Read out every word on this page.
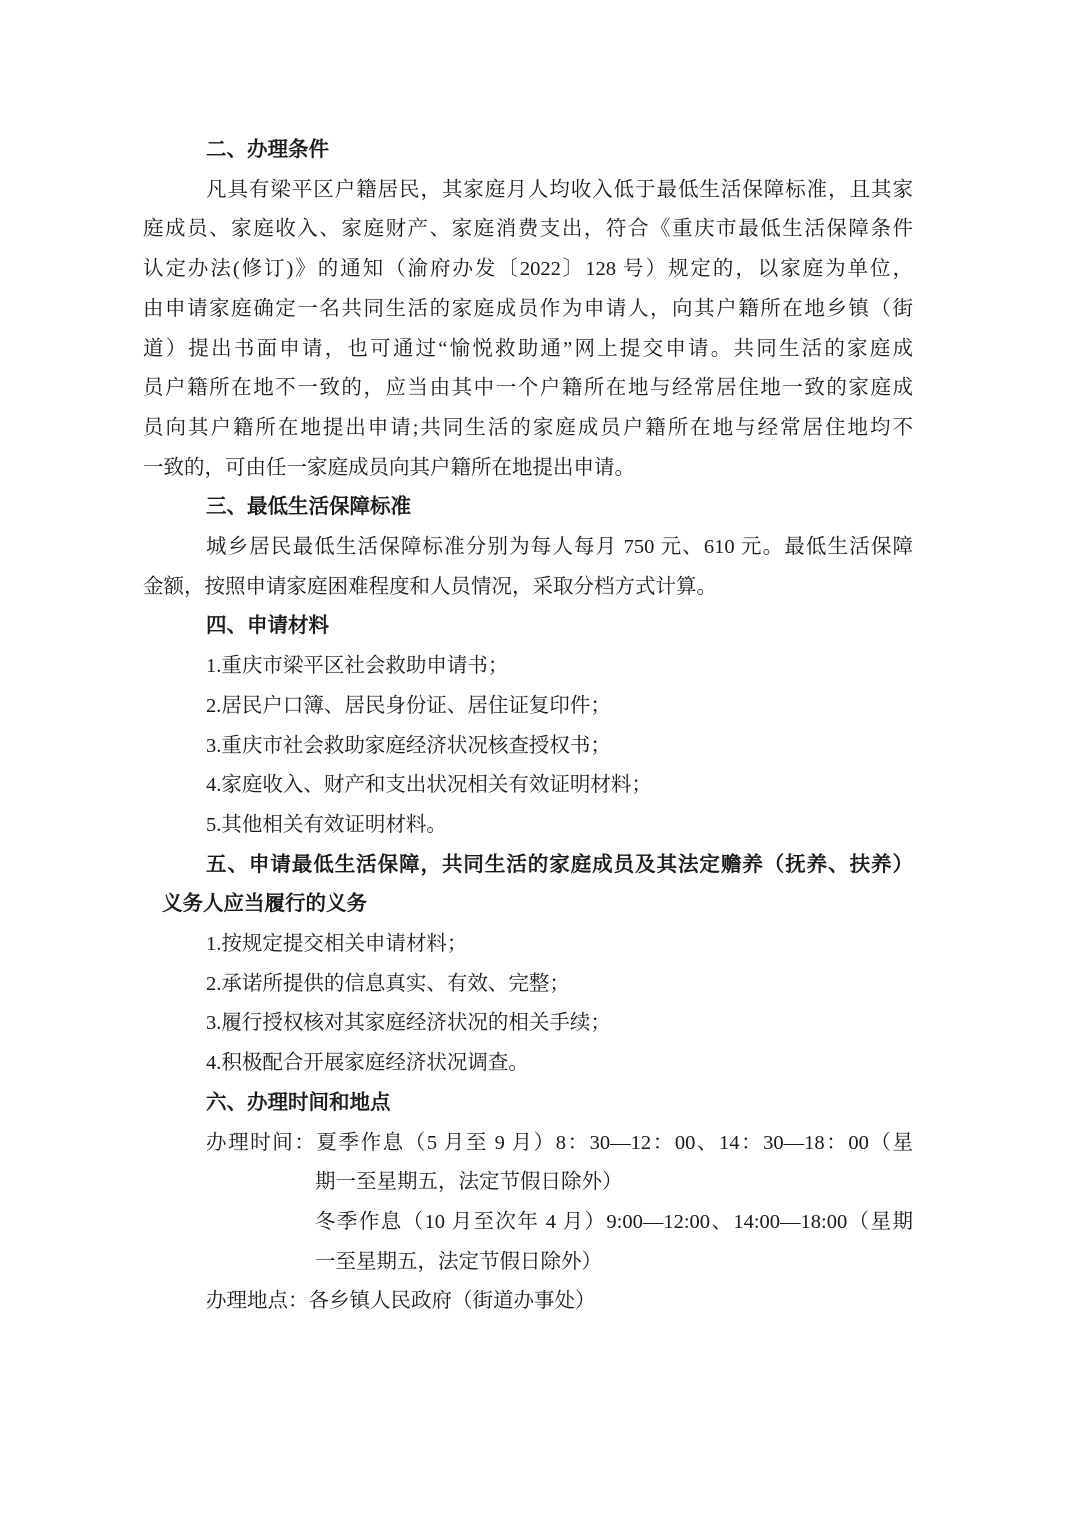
二、办理条件
凡具有梁平区户籍居民，其家庭月人均收入低于最低生活保障标准，且其家
庭成员、家庭收入、家庭财产、家庭消费支出，符合《重庆市最低生活保障条件
认定办法(修订)》的通知（渝府办发〔2022〕128 号）规定的，以家庭为单位，
由申请家庭确定一名共同生活的家庭成员作为申请人，向其户籍所在地乡镇（街
道）提出书面申请，也可通过“愉悦救助通”网上提交申请。共同生活的家庭成
员户籍所在地不一致的，应当由其中一个户籍所在地与经常居住地一致的家庭成
员向其户籍所在地提出申请;共同生活的家庭成员户籍所在地与经常居住地均不
一致的，可由任一家庭成员向其户籍所在地提出申请。
三、最低生活保障标准
城乡居民最低生活保障标准分别为每人每月 750 元、610 元。最低生活保障
金额，按照申请家庭困难程度和人员情况，采取分档方式计算。
四、申请材料
1.重庆市梁平区社会救助申请书；
2.居民户口簿、居民身份证、居住证复印件；
3.重庆市社会救助家庭经济状况核查授权书；
4.家庭收入、财产和支出状况相关有效证明材料；
5.其他相关有效证明材料。
五、申请最低生活保障，共同生活的家庭成员及其法定赡养（抚养、扶养）
义务人应当履行的义务
1.按规定提交相关申请材料；
2.承诺所提供的信息真实、有效、完整；
3.履行授权核对其家庭经济状况的相关手续；
4.积极配合开展家庭经济状况调查。
六、办理时间和地点
办理时间：夏季作息（5 月至 9 月）8：30—12：00、14：30—18：00（星
期一至星期五，法定节假日除外）
冬季作息（10 月至次年 4 月）9:00—12:00、14:00—18:00（星期
一至星期五，法定节假日除外）
办理地点：各乡镇人民政府（街道办事处）
